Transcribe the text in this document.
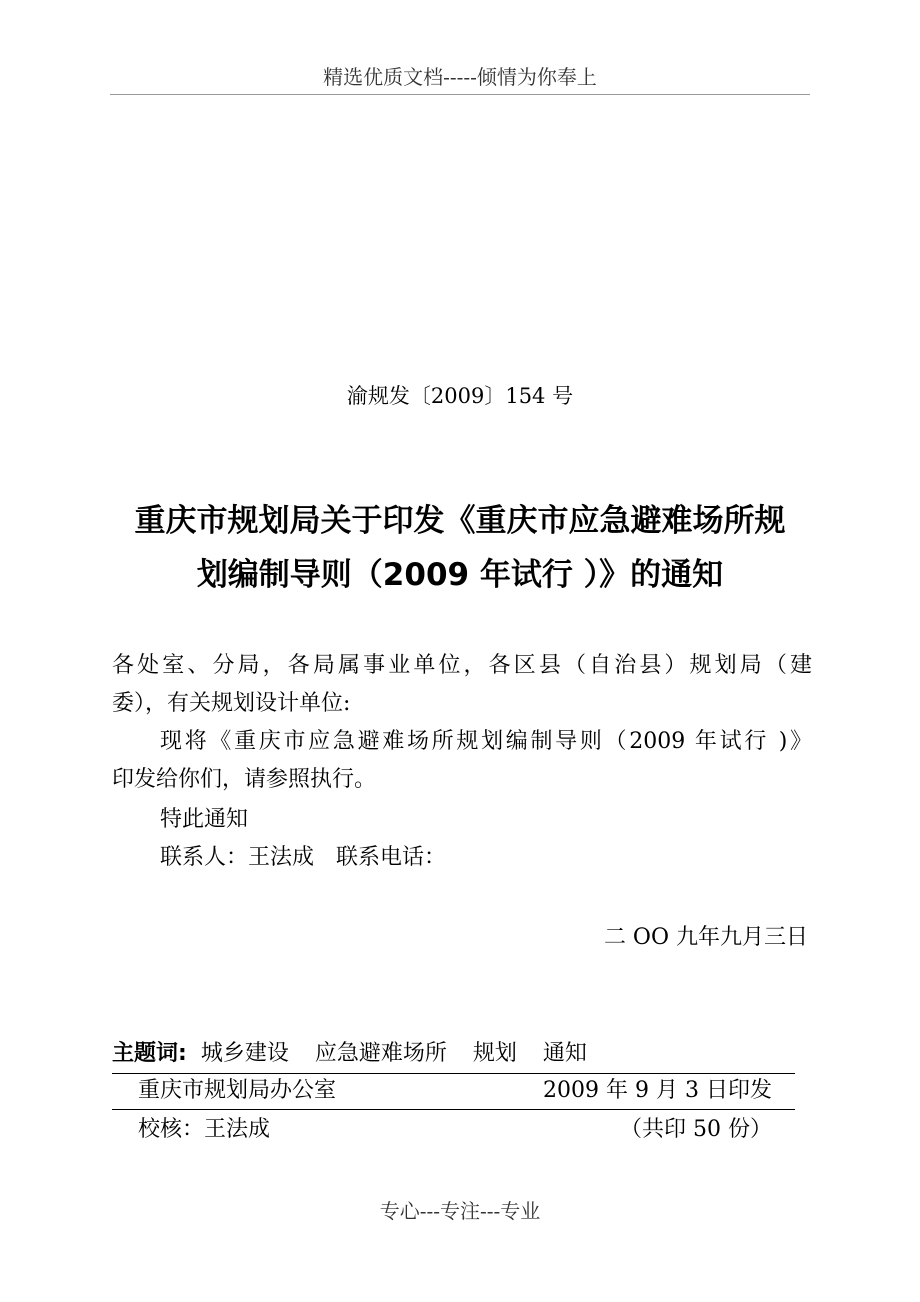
精选优质文档-----倾情为你奉上
渝规发〔2009〕154 号
重庆市规划局关于印发《重庆市应急避难场所规
划编制导则（2009 年试行 ）》的通知
各处室、分局，各局属事业单位，各区县（自治县）规划局（建
委），有关规划设计单位:
现将《重庆市应急避难场所规划编制导则（2009 年试行 )》
印发给你们，请参照执行。
特此通知
联系人：王法成　联系电话：
二 OO 九年九月三日
主题词: 城乡建设 应急避难场所 规划 通知
重庆市规划局办公室	2009 年 9 月 3 日印发
校核：王法成	（共印 50 份）
专心---专注---专业
